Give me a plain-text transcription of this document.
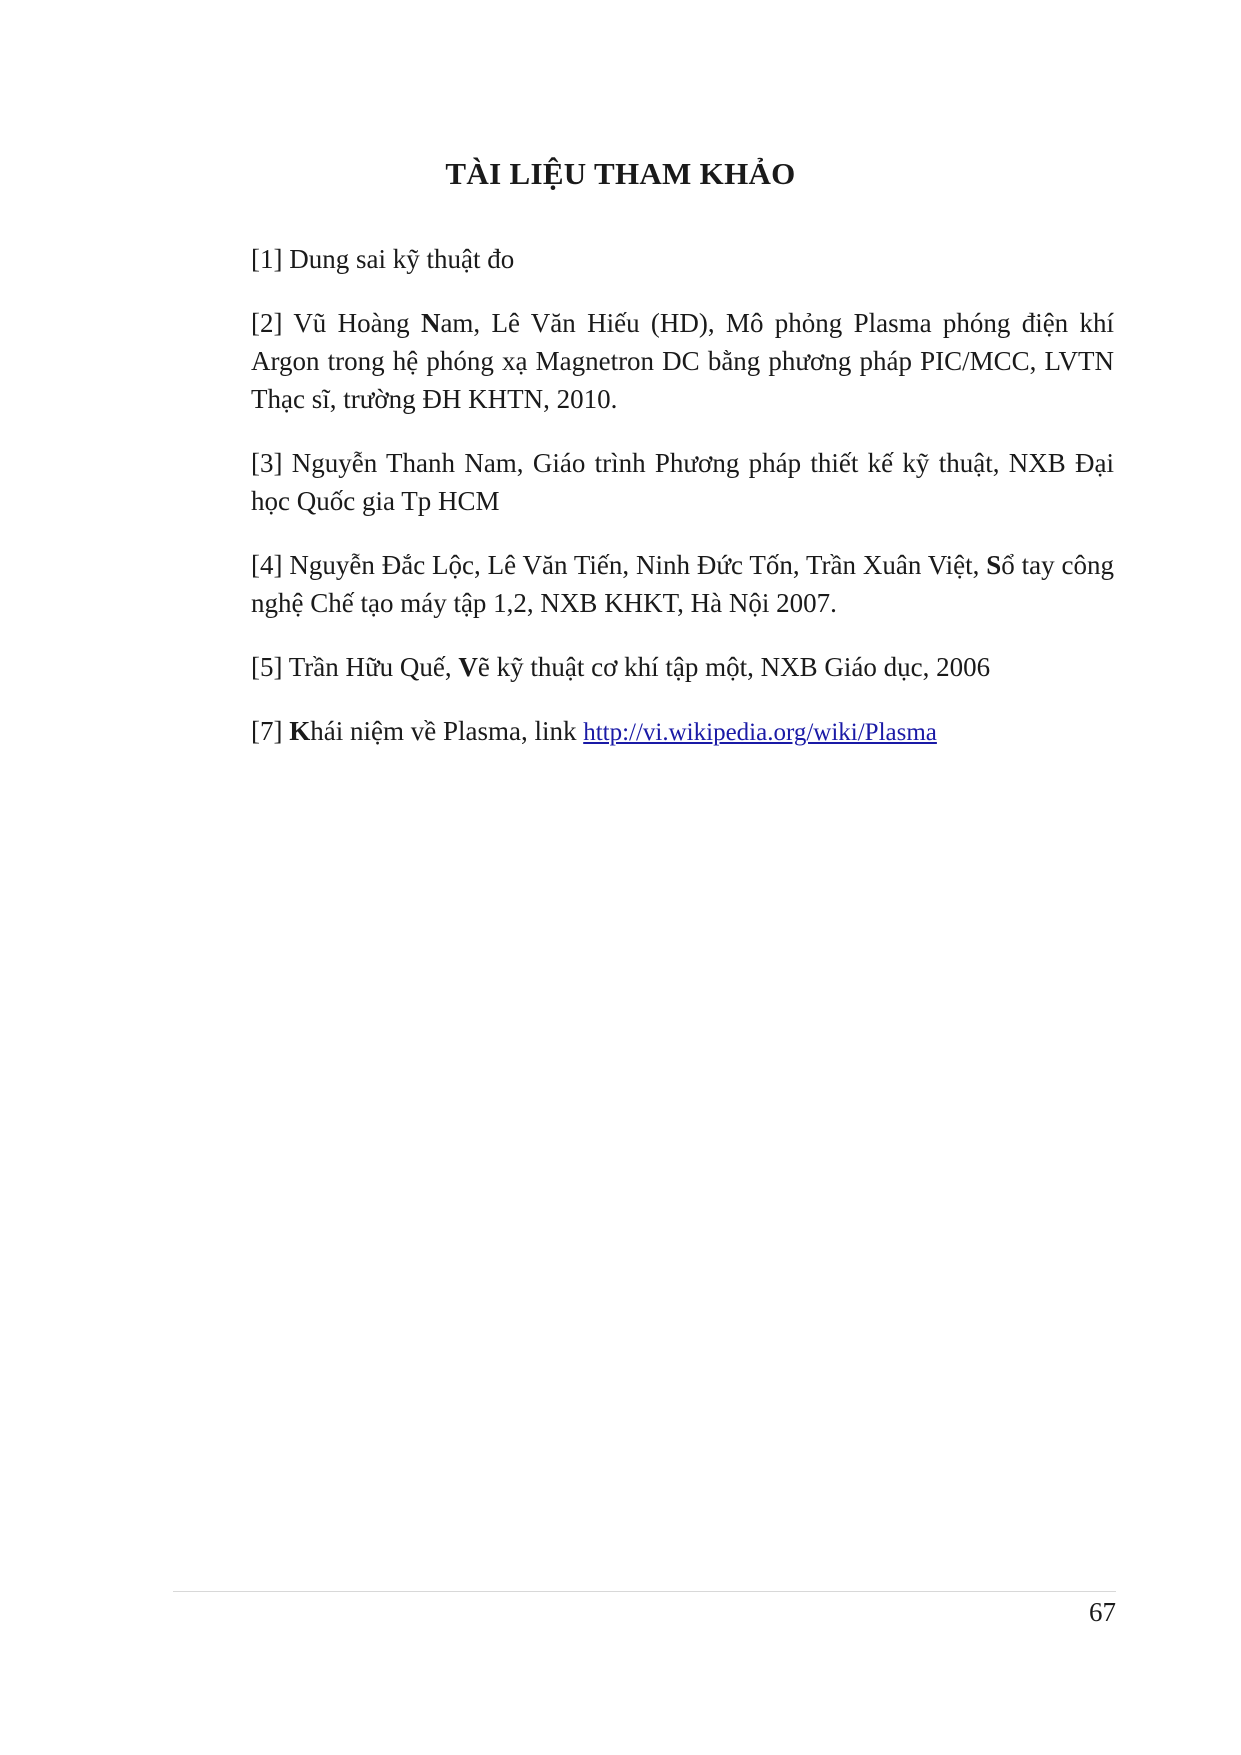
TÀI LIỆU THAM KHẢO
[1] Dung sai kỹ thuật đo
[2] Vũ Hoàng Nam, Lê Văn Hiếu (HD), Mô phỏng Plasma phóng điện khí Argon trong hệ phóng xạ Magnetron DC bằng phương pháp PIC/MCC, LVTN Thạc sĩ, trường ĐH KHTN, 2010.
[3] Nguyễn Thanh Nam, Giáo trình Phương pháp thiết kế kỹ thuật, NXB Đại học Quốc gia Tp HCM
[4] Nguyễn Đắc Lộc, Lê Văn Tiến, Ninh Đức Tốn, Trần Xuân Việt, Sổ tay công nghệ Chế tạo máy tập 1,2, NXB KHKT, Hà Nội 2007.
[5] Trần Hữu Quế, Vẽ kỹ thuật cơ khí tập một, NXB Giáo dục, 2006
[7] Khái niệm về Plasma, link http://vi.wikipedia.org/wiki/Plasma
67
